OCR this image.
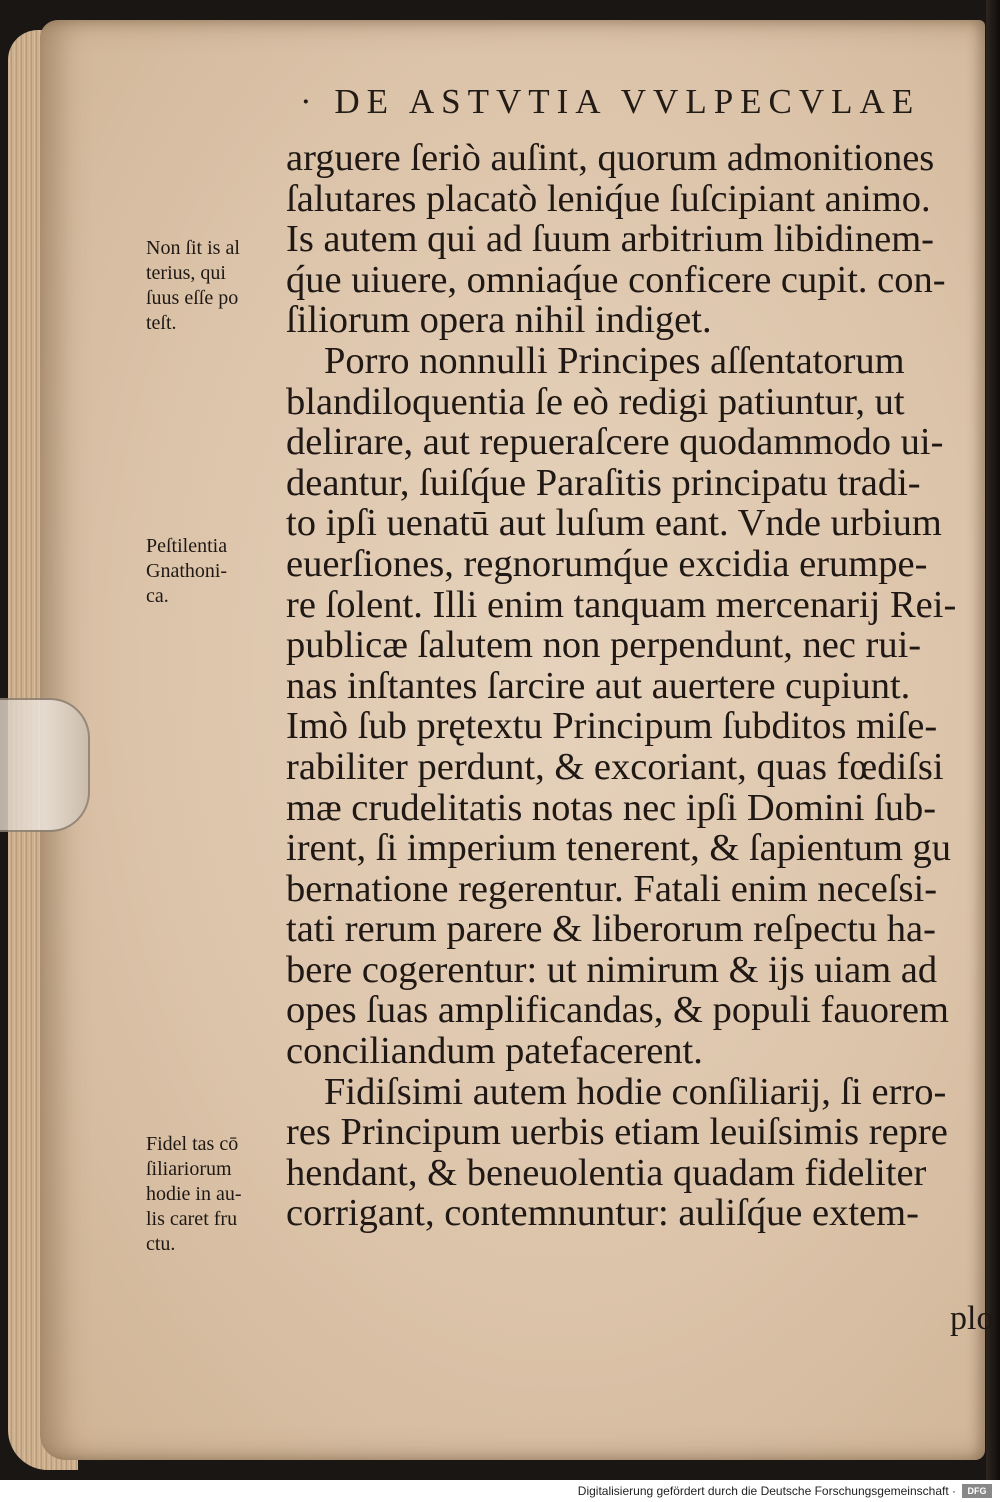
· DE ASTVTIA VVLPECVLAE
arguere ſeriò auſint, quorum admonitiones
ſalutares placatò leniq́ue ſuſcipiant animo.
Is autem qui ad ſuum arbitrium libidinem-
q́ue uiuere, omniaq́ue conficere cupit. con-
ſiliorum opera nihil indiget.
Porro nonnulli Principes aſſentatorum
blandiloquentia ſe eò redigi patiuntur, ut
delirare, aut repueraſcere quodammodo ui-
deantur, ſuiſq́ue Paraſitis principatu tradi-
to ipſi uenatū aut luſum eant. Vnde urbium
euerſiones, regnorumq́ue excidia erumpe-
re ſolent. Illi enim tanquam mercenarij Rei-
publicæ ſalutem non perpendunt, nec rui-
nas inſtantes ſarcire aut auertere cupiunt.
Imò ſub prętextu Principum ſubditos miſe-
rabiliter perdunt, & excoriant, quas fœdiſsi
mæ crudelitatis notas nec ipſi Domini ſub-
irent, ſi imperium tenerent, & ſapientum gu
bernatione regerentur. Fatali enim neceſsi-
tati rerum parere & liberorum reſpectu ha-
bere cogerentur: ut nimirum & ijs uiam ad
opes ſuas amplificandas, & populi fauorem
conciliandum patefacerent.
Fidiſsimi autem hodie conſiliarij, ſi erro-
res Principum uerbis etiam leuiſsimis repre
hendant, & beneuolentia quadam fideliter
corrigant, contemnuntur: auliſq́ue extem-
plo
Non ſit is al
terius, qui
ſuus eſſe po
teſt.
Peſtilentia
Gnathoni-
ca.
Fidel tas cō
ſiliariorum
hodie in au-
lis caret fru
ctu.
Digitalisierung gefördert durch die Deutsche Forschungsgemeinschaft ·	DFG
